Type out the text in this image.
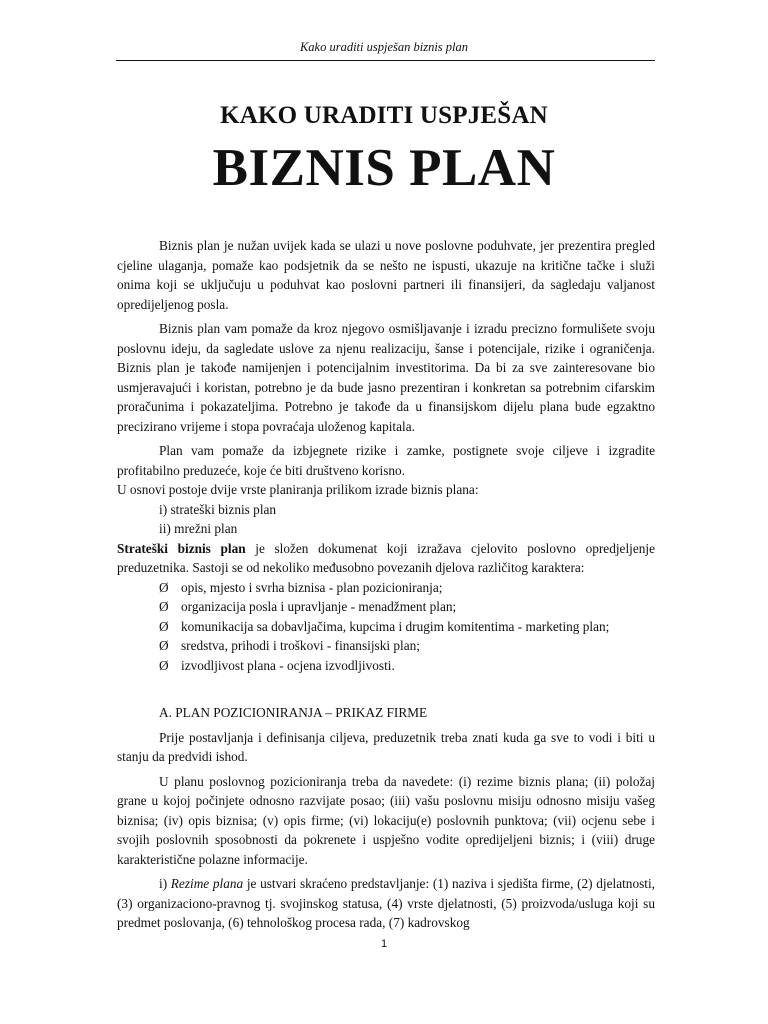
Kako uraditi uspješan biznis plan
KAKO URADITI USPJEŠAN
BIZNIS PLAN

Biznis plan je nužan uvijek kada se ulazi u nove poslovne poduhvate, jer prezentira pregled cjeline ulaganja, pomaže kao podsjetnik da se nešto ne ispusti, ukazuje na kritične tačke i služi onima koji se uključuju u poduhvat kao poslovni partneri ili finansijeri, da sagledaju valjanost opredijeljenog posla.

Biznis plan vam pomaže da kroz njegovo osmišljavanje i izradu precizno formulišete svoju poslovnu ideju, da sagledate uslove za njenu realizaciju, šanse i potencijale, rizike i ograničenja. Biznis plan je takođe namijenjen i potencijalnim investitorima. Da bi za sve zainteresovane bio usmjeravajući i koristan, potrebno je da bude jasno prezentiran i konkretan sa potrebnim cifarskim proračunima i pokazateljima. Potrebno je takođe da u finansijskom dijelu plana bude egzaktno precizirano vrijeme i stopa povraćaja uloženog kapitala.

Plan vam pomaže da izbjegnete rizike i zamke, postignete svoje ciljeve i izgradite profitabilno preduzeće, koje će biti društveno korisno.

U osnovi postoje dvije vrste planiranja prilikom izrade biznis plana:

i) strateški biznis plan

ii) mrežni plan

Strateški biznis plan je složen dokumenat koji izražava cjelovito poslovno opredjeljenje preduzetnika. Sastoji se od nekoliko međusobno povezanih djelova različitog karaktera:

Ø opis, mjesto i svrha biznisa - plan pozicioniranja;

Ø organizacija posla i upravljanje - menadžment plan;

Ø komunikacija sa dobavljačima, kupcima i drugim komitentima - marketing plan;

Ø sredstva, prihodi i troškovi - finansijski plan;

Ø izvodljivost plana - ocjena izvodljivosti.

A. PLAN POZICIONIRANJA – PRIKAZ FIRME

Prije postavljanja i definisanja ciljeva, preduzetnik treba znati kuda ga sve to vodi i biti u stanju da predvidi ishod.

U planu poslovnog pozicioniranja treba da navedete: (i) rezime biznis plana; (ii) položaj grane u kojoj počinjete odnosno razvijate posao; (iii) vašu poslovnu misiju odnosno misiju vašeg biznisa; (iv) opis biznisa; (v) opis firme; (vi) lokaciju(e) poslovnih punktova; (vii) ocjenu sebe i svojih poslovnih sposobnosti da pokrenete i uspješno vodite opredijeljeni biznis; i (viii) druge karakteristične polazne informacije.

i) Rezime plana je ustvari skraćeno predstavljanje: (1) naziva i sjedišta firme, (2) djelatnosti, (3) organizaciono-pravnog tj. svojinskog statusa, (4) vrste djelatnosti, (5) proizvoda/usluga koji su predmet poslovanja, (6) tehnološkog procesa rada, (7) kadrovskog

1
